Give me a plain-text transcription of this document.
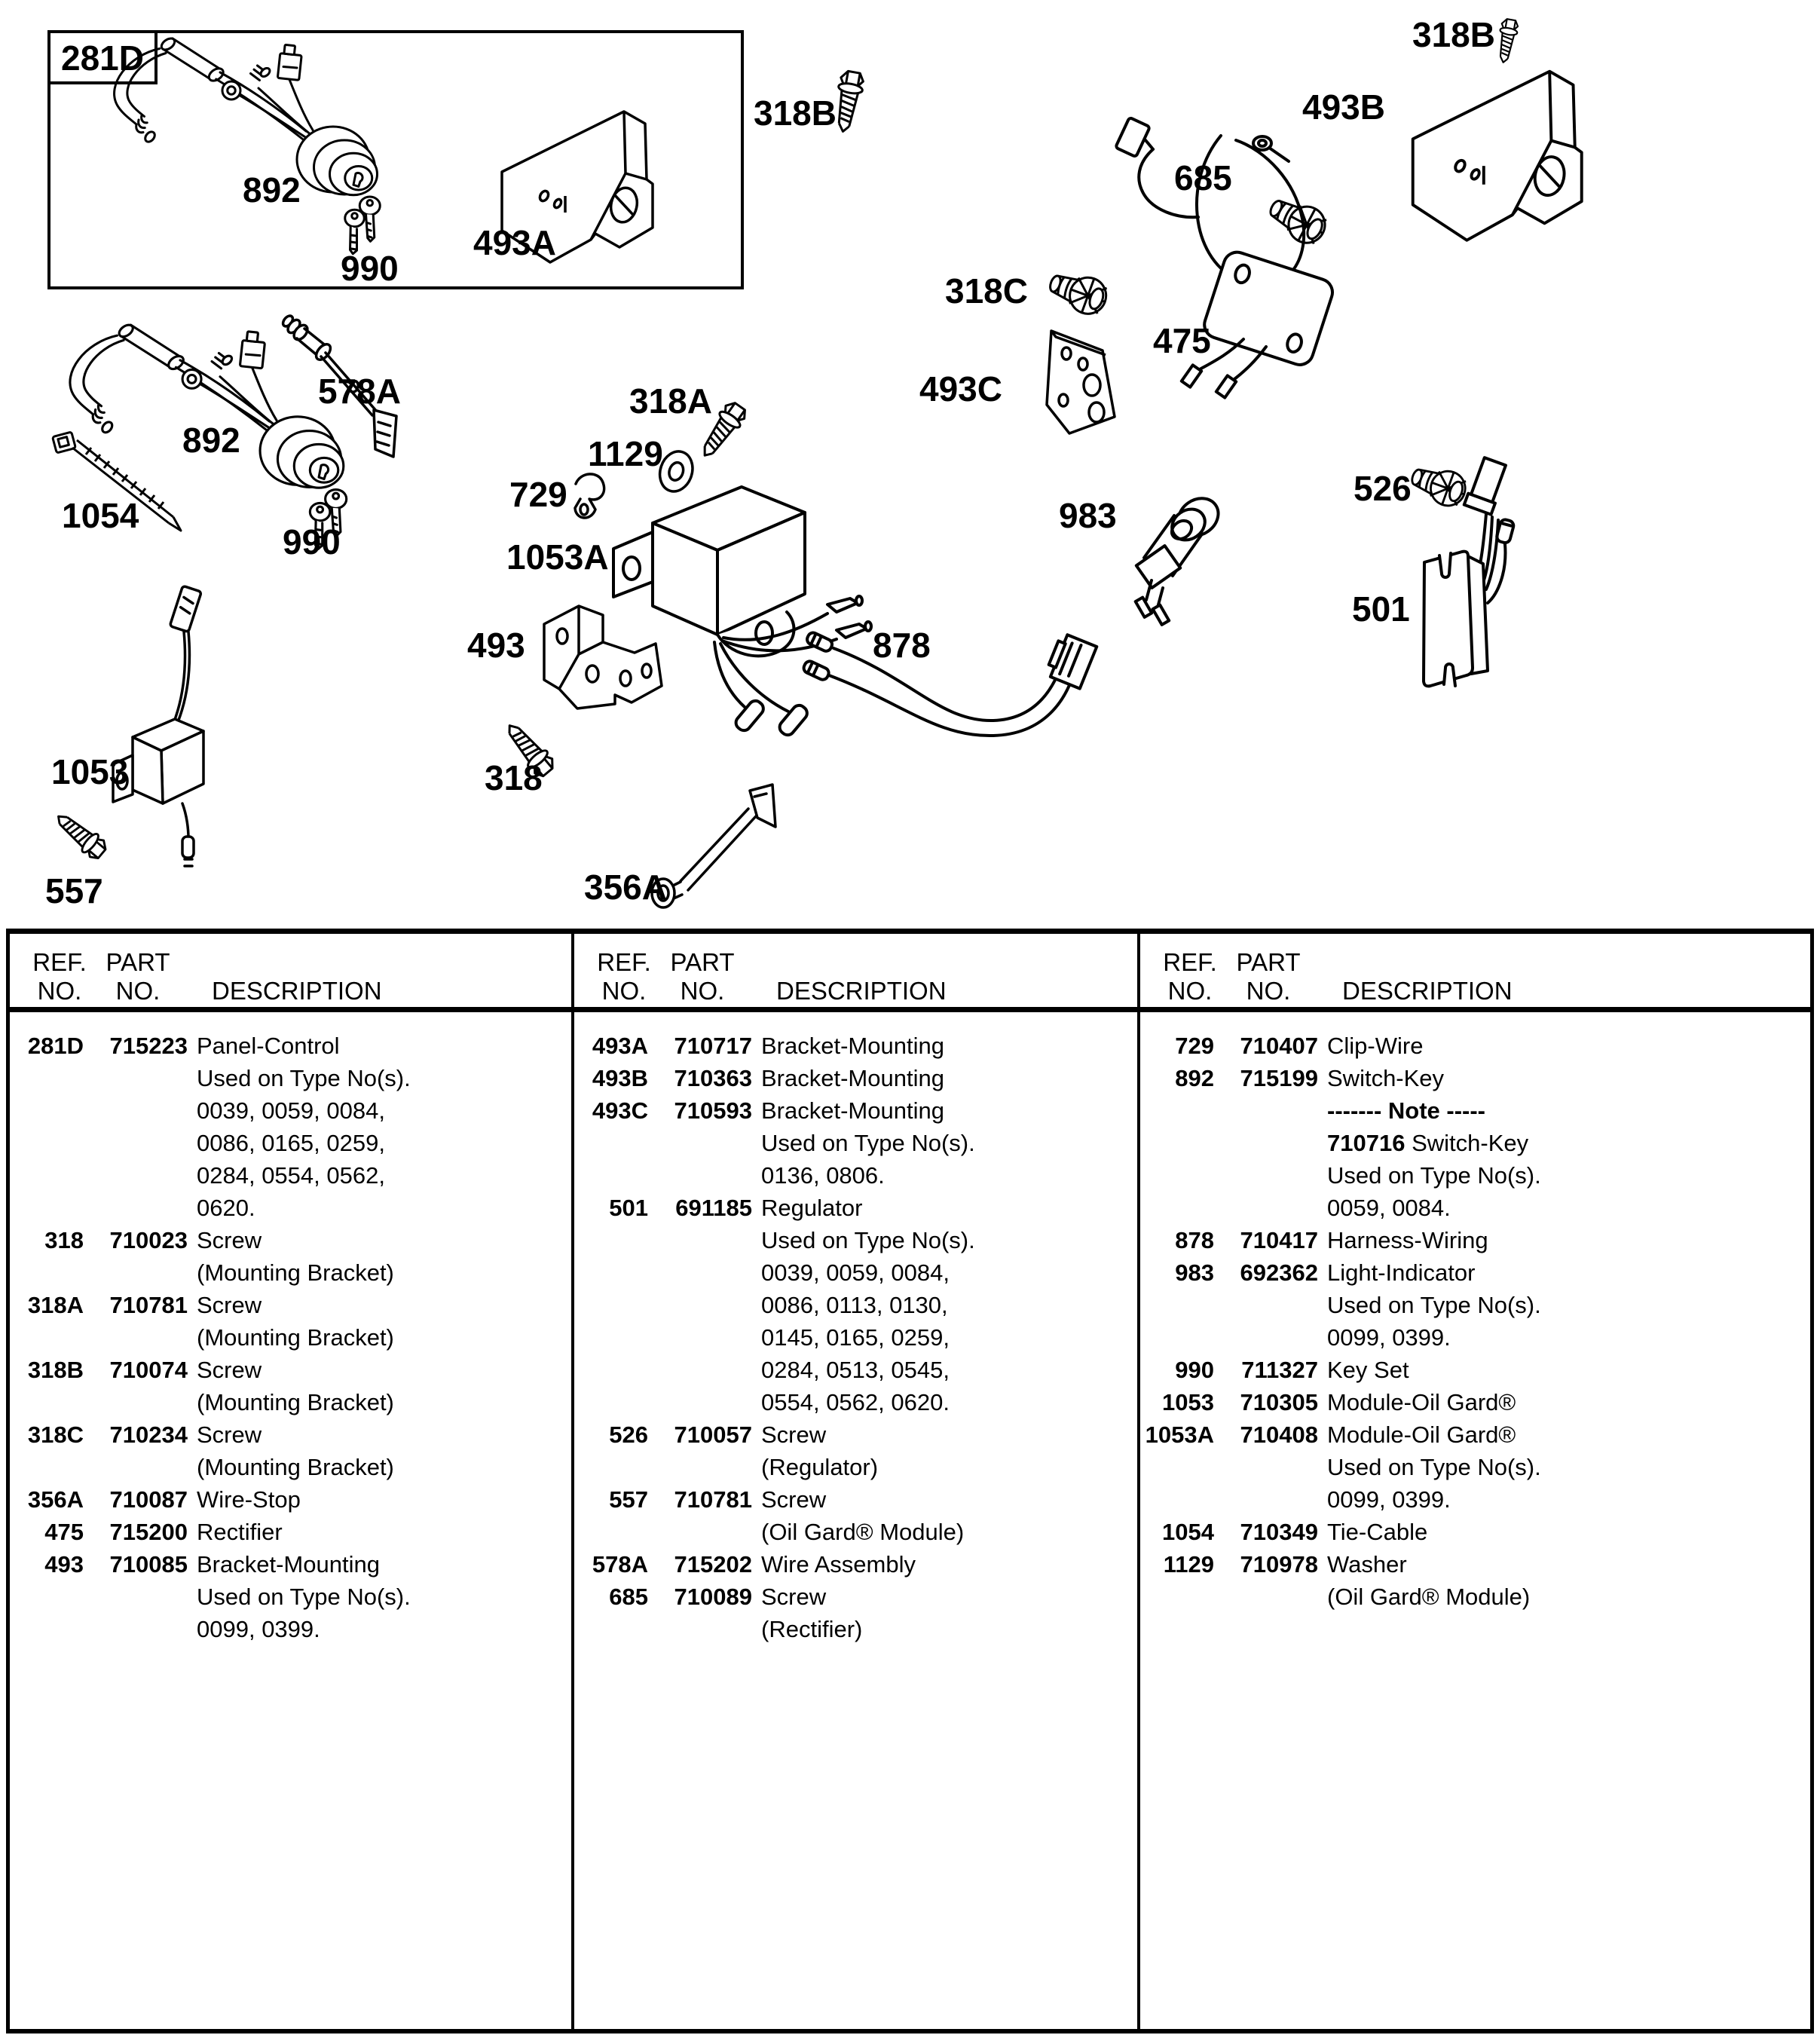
281D
892
990
493A
318B
318B
493B
685
318C
475
493C
526
501
578A
892
1054
990
318A
1129
729
1053A
493
318
878
983
1053
557	356A
REF.
NO.
PART
NO. DESCRIPTION
281D	715223 Panel-Control
Used on Type No(s).
0039, 0059, 0084,
0086, 0165, 0259,
0284, 0554, 0562,
0620.
318	710023 Screw
(Mounting Bracket)
318A	710781 Screw
(Mounting Bracket)
318B	710074 Screw
(Mounting Bracket)
318C	710234 Screw
(Mounting Bracket)
356A	710087 Wire-Stop
475	715200 Rectifier
493	710085 Bracket-Mounting
Used on Type No(s).
0099, 0399.
REF.
NO.
PART
NO. DESCRIPTION
493A	710717 Bracket-Mounting
493B	710363 Bracket-Mounting
493C	710593 Bracket-Mounting
Used on Type No(s).
0136, 0806.
501	691185 Regulator
Used on Type No(s).
0039, 0059, 0084,
0086, 0113, 0130,
0145, 0165, 0259,
0284, 0513, 0545,
0554, 0562, 0620.
526	710057 Screw
(Regulator)
557	710781 Screw
(Oil Gard® Module)
578A	715202 Wire Assembly
685	710089 Screw
(Rectifier)
REF.
NO.
PART
NO. DESCRIPTION
729	710407 Clip-Wire
892	715199 Switch-Key
------- Note -----
710716 Switch-Key
Used on Type No(s).
0059, 0084.
878	710417 Harness-Wiring
983	692362 Light-Indicator
Used on Type No(s).
0099, 0399.
990	711327 Key Set
1053	710305 Module-Oil Gard®
1053A	710408 Module-Oil Gard®
Used on Type No(s).
0099, 0399.
1054	710349 Tie-Cable
1129	710978 Washer
(Oil Gard® Module)
